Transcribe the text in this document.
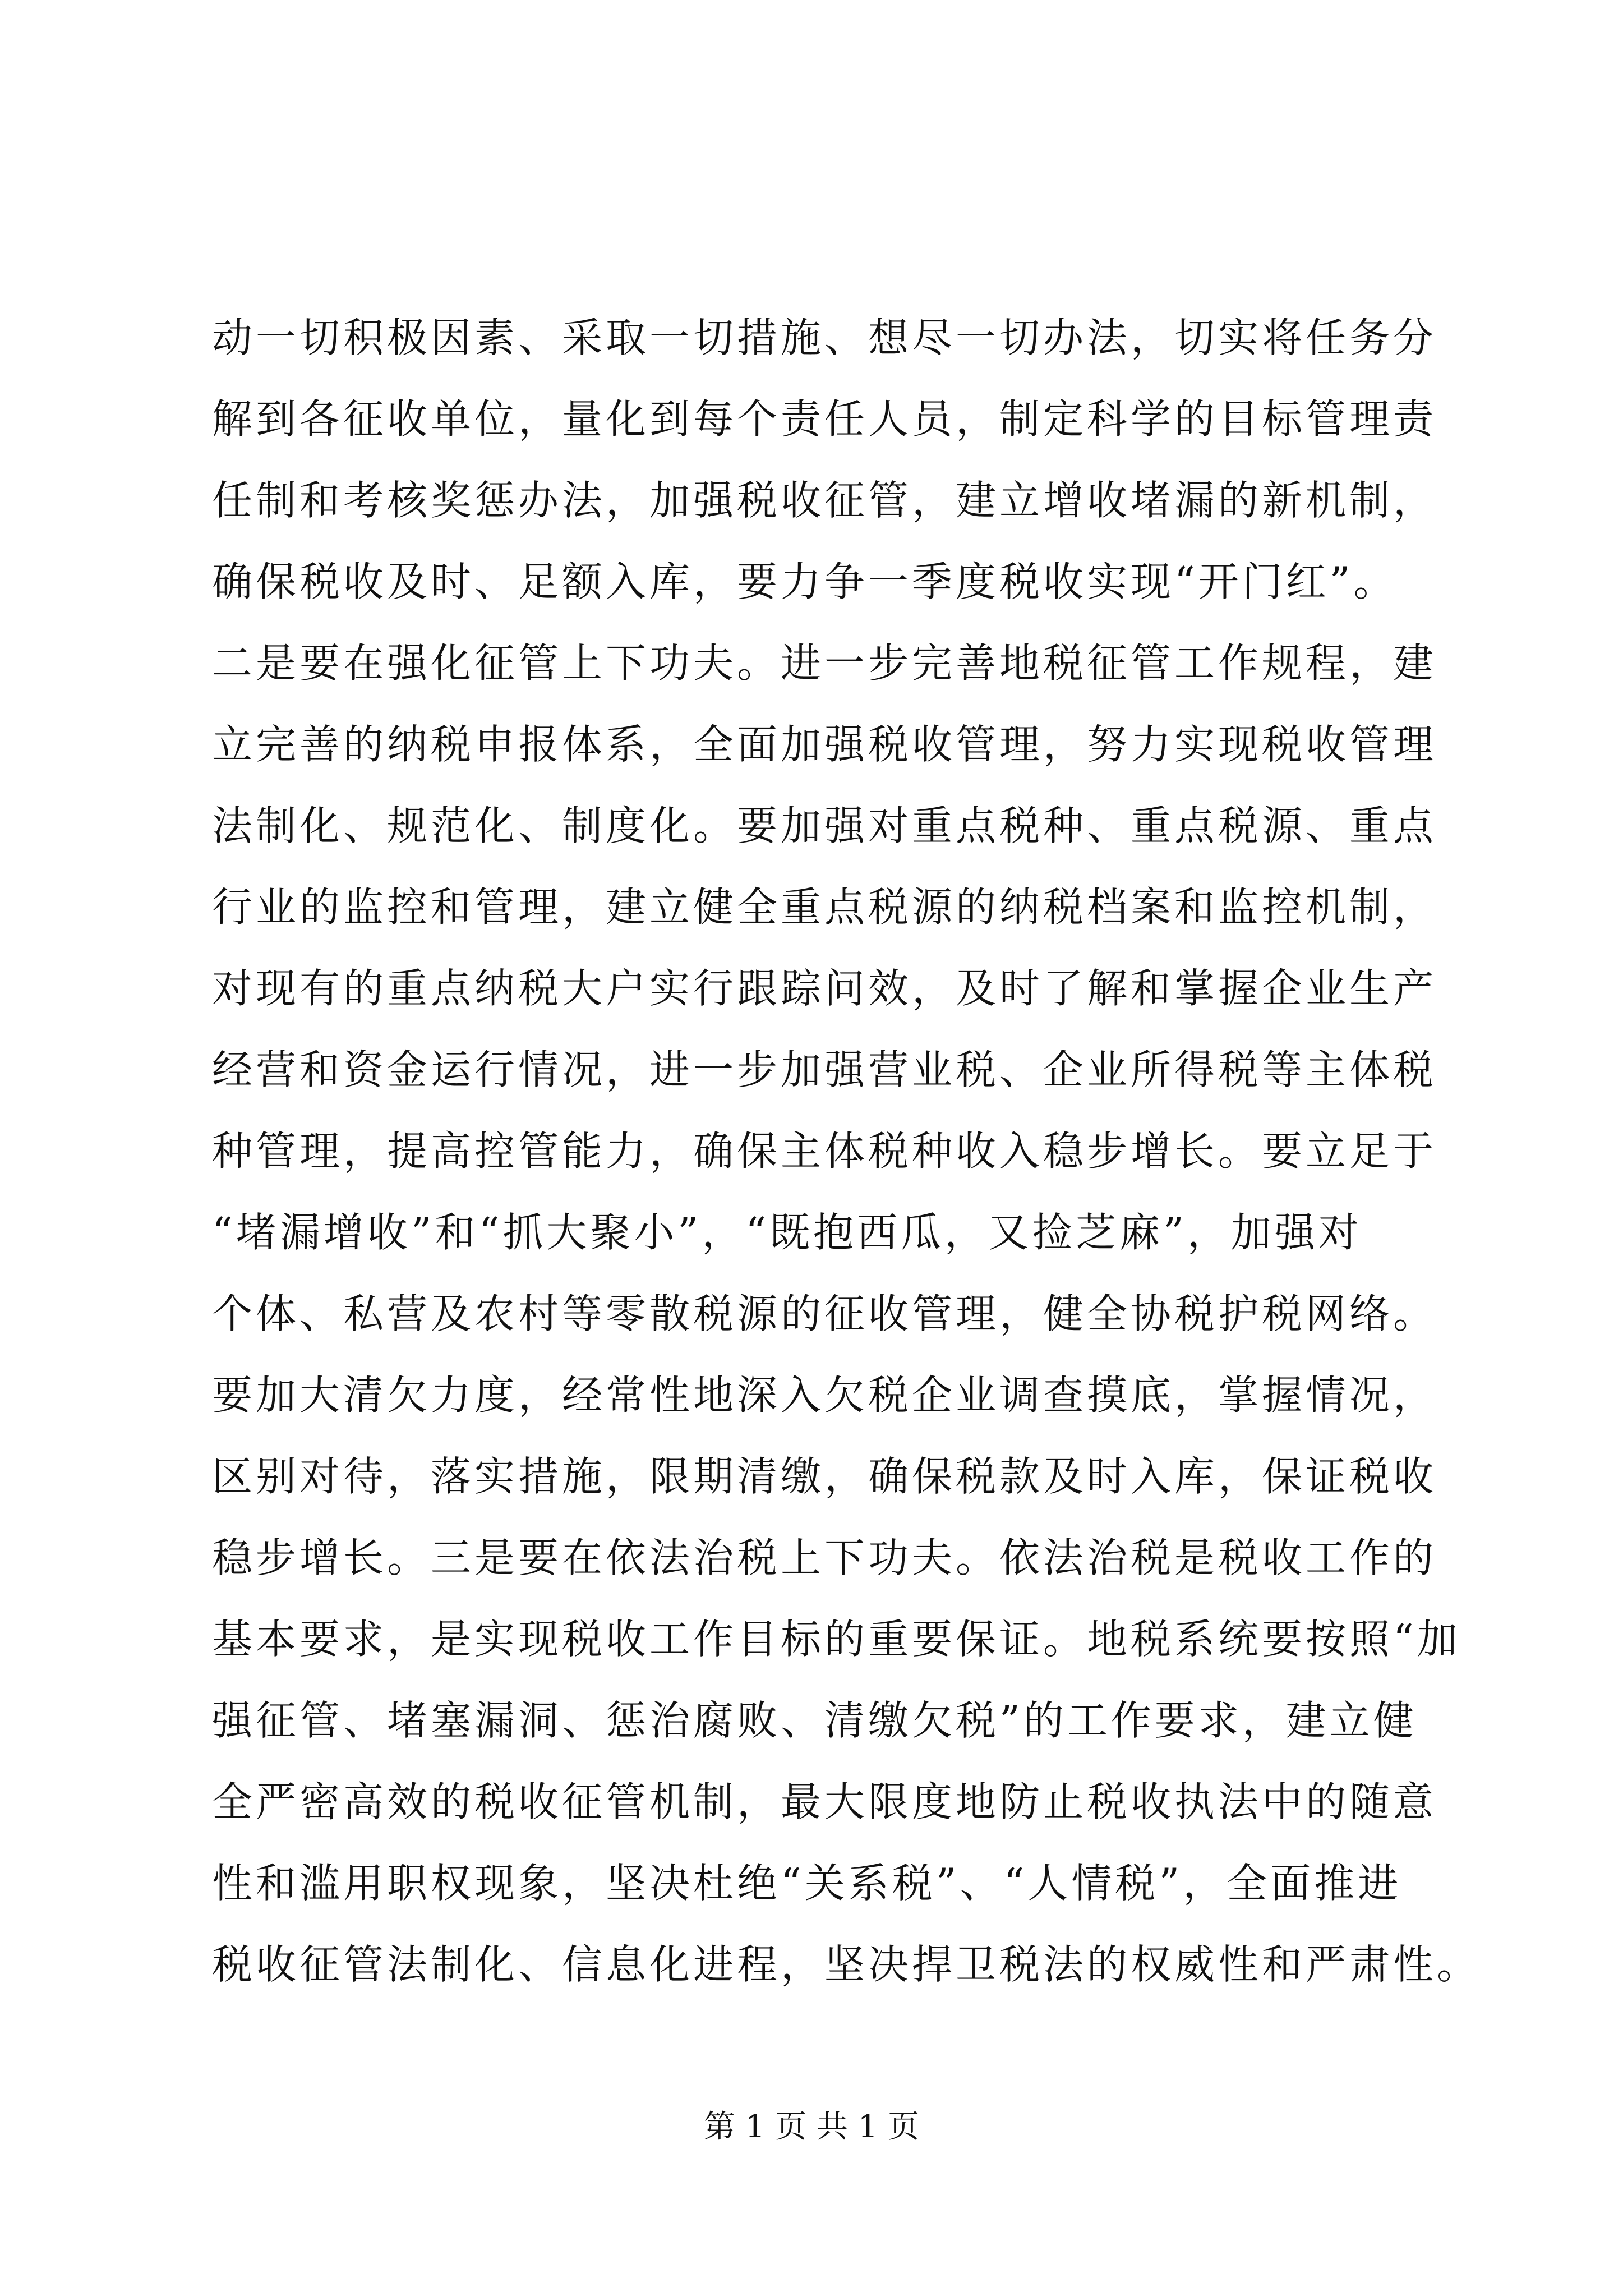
动一切积极因素、采取一切措施、想尽一切办法，切实将任务分
解到各征收单位，量化到每个责任人员，制定科学的目标管理责
任制和考核奖惩办法，加强税收征管，建立增收堵漏的新机制，
确保税收及时、足额入库，要力争一季度税收实现“开门红”。
二是要在强化征管上下功夫。进一步完善地税征管工作规程，建
立完善的纳税申报体系，全面加强税收管理，努力实现税收管理
法制化、规范化、制度化。要加强对重点税种、重点税源、重点
行业的监控和管理，建立健全重点税源的纳税档案和监控机制，
对现有的重点纳税大户实行跟踪问效，及时了解和掌握企业生产
经营和资金运行情况，进一步加强营业税、企业所得税等主体税
种管理，提高控管能力，确保主体税种收入稳步增长。要立足于
“堵漏增收”和“抓大聚小”，“既抱西瓜，又捡芝麻”，加强对
个体、私营及农村等零散税源的征收管理，健全协税护税网络。
要加大清欠力度，经常性地深入欠税企业调查摸底，掌握情况，
区别对待，落实措施，限期清缴，确保税款及时入库，保证税收
稳步增长。三是要在依法治税上下功夫。依法治税是税收工作的
基本要求，是实现税收工作目标的重要保证。地税系统要按照“加
强征管、堵塞漏洞、惩治腐败、清缴欠税”的工作要求，建立健
全严密高效的税收征管机制，最大限度地防止税收执法中的随意
性和滥用职权现象，坚决杜绝“关系税”、“人情税”，全面推进
税收征管法制化、信息化进程，坚决捍卫税法的权威性和严肃性。
第 1 页 共 1 页
